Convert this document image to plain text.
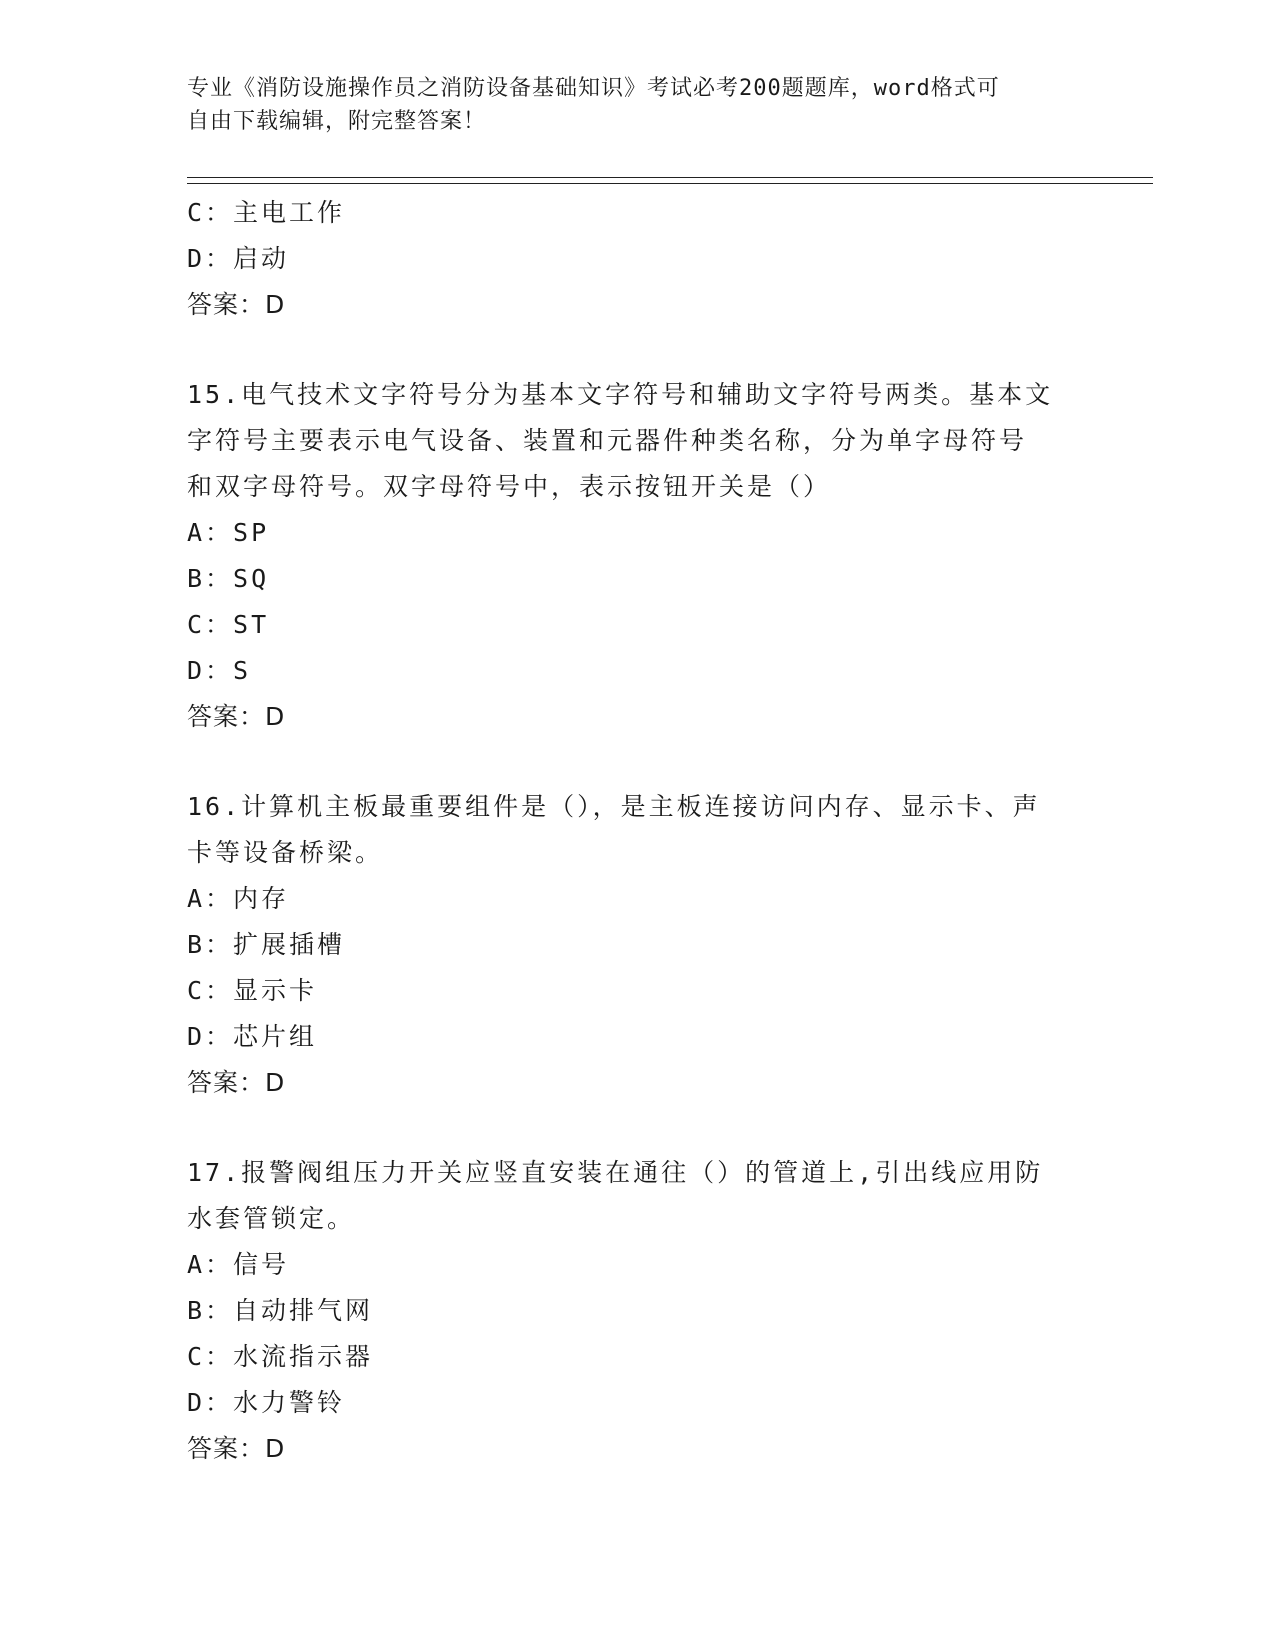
专业《消防设施操作员之消防设备基础知识》考试必考200题题库，word格式可
自由下载编辑，附完整答案！
C：主电工作
D：启动
答案：D
15.电气技术文字符号分为基本文字符号和辅助文字符号两类。基本文
字符号主要表示电气设备、装置和元器件种类名称，分为单字母符号
和双字母符号。双字母符号中，表示按钮开关是（）
A：SP
B：SQ
C：ST
D：S
答案：D
16.计算机主板最重要组件是（），是主板连接访问内存、显示卡、声
卡等设备桥梁。
A：内存
B：扩展插槽
C：显示卡
D：芯片组
答案：D
17.报警阀组压力开关应竖直安装在通往（）的管道上,引出线应用防
水套管锁定。
A：信号
B：自动排气网
C：水流指示器
D：水力警铃
答案：D
